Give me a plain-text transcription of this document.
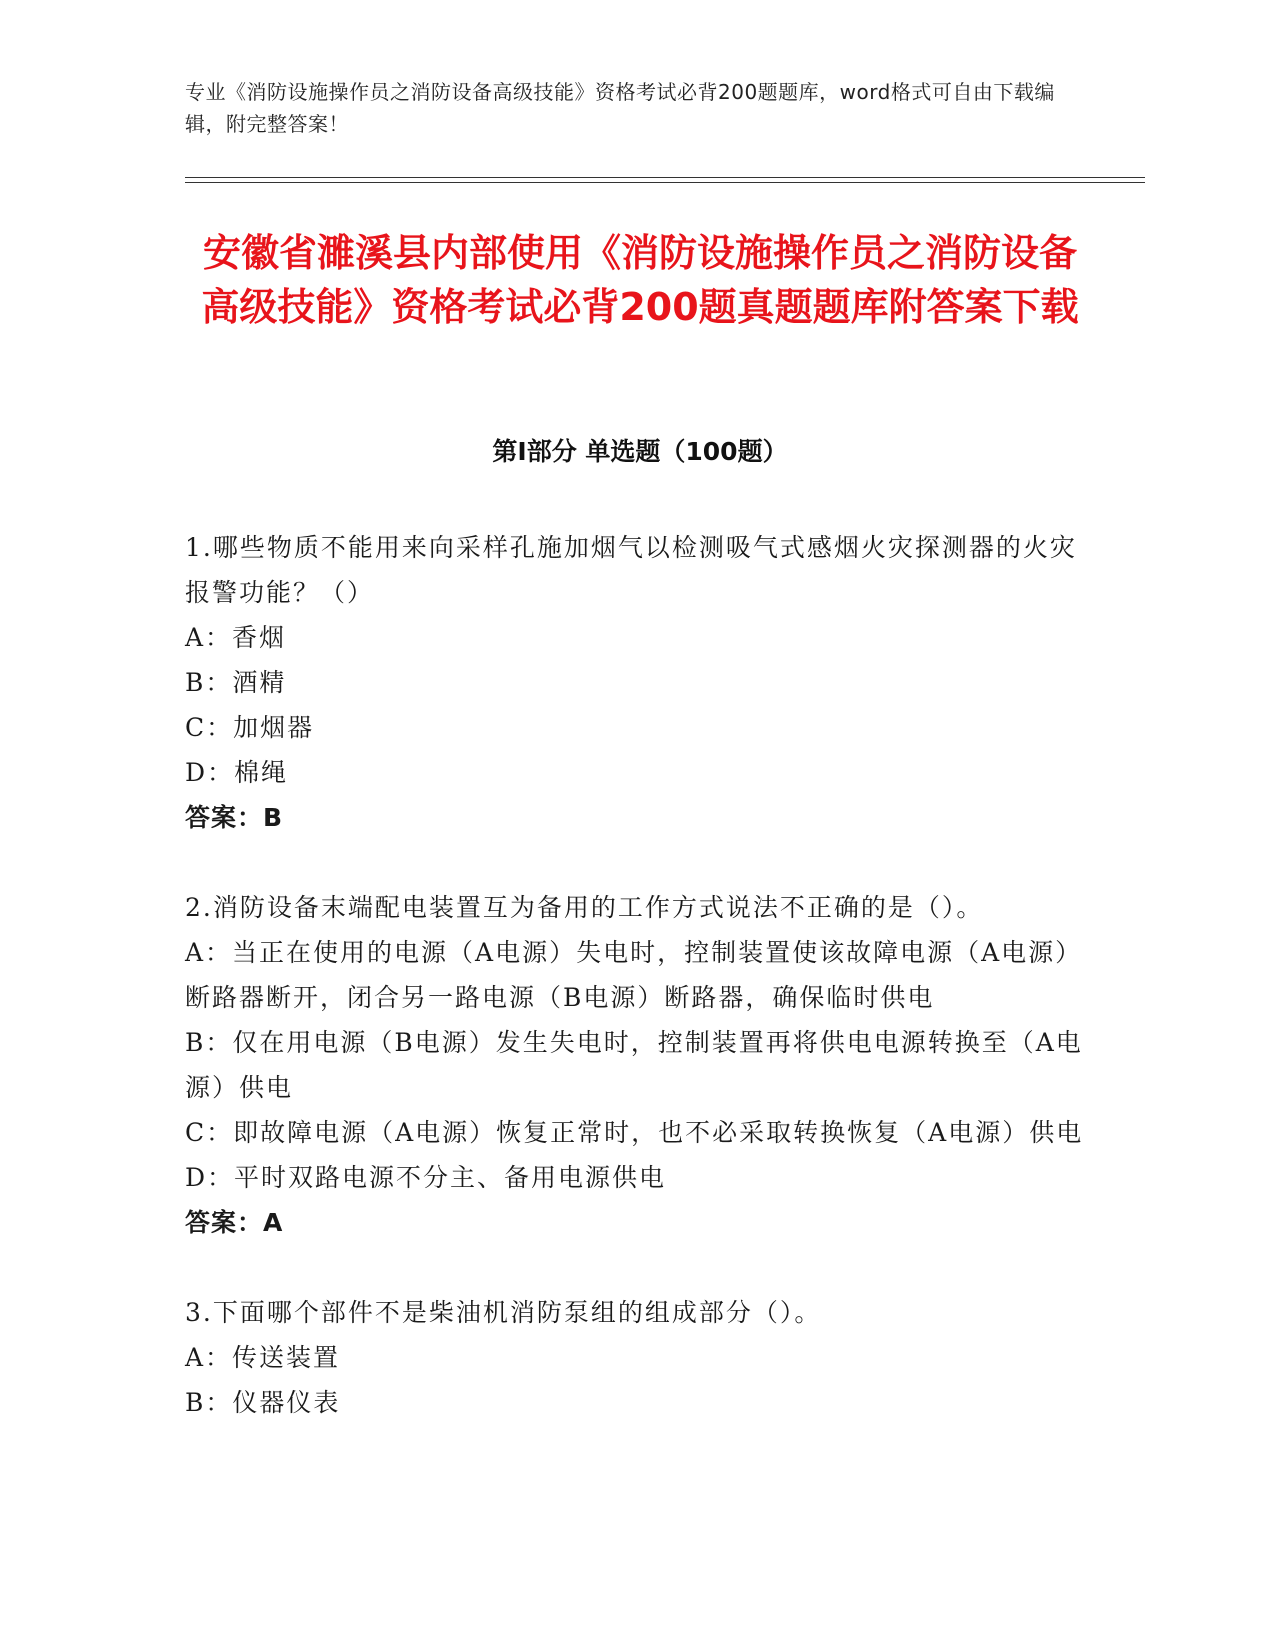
专业《消防设施操作员之消防设备高级技能》资格考试必背200题题库，word格式可自由下载编辑，附完整答案！
安徽省濉溪县内部使用《消防设施操作员之消防设备高级技能》资格考试必背200题真题题库附答案下载
第Ⅰ部分 单选题（100题）

1.哪些物质不能用来向采样孔施加烟气以检测吸气式感烟火灾探测器的火灾报警功能？（）

A：香烟

B：酒精

C：加烟器

D：棉绳

答案：B

2.消防设备末端配电装置互为备用的工作方式说法不正确的是（）。

A：当正在使用的电源（A电源）失电时，控制装置使该故障电源（A电源）断路器断开，闭合另一路电源（B电源）断路器，确保临时供电

B：仅在用电源（B电源）发生失电时，控制装置再将供电电源转换至（A电源）供电

C：即故障电源（A电源）恢复正常时，也不必采取转换恢复（A电源）供电

D：平时双路电源不分主、备用电源供电

答案：A

3.下面哪个部件不是柴油机消防泵组的组成部分（）。

A：传送装置

B：仪器仪表
